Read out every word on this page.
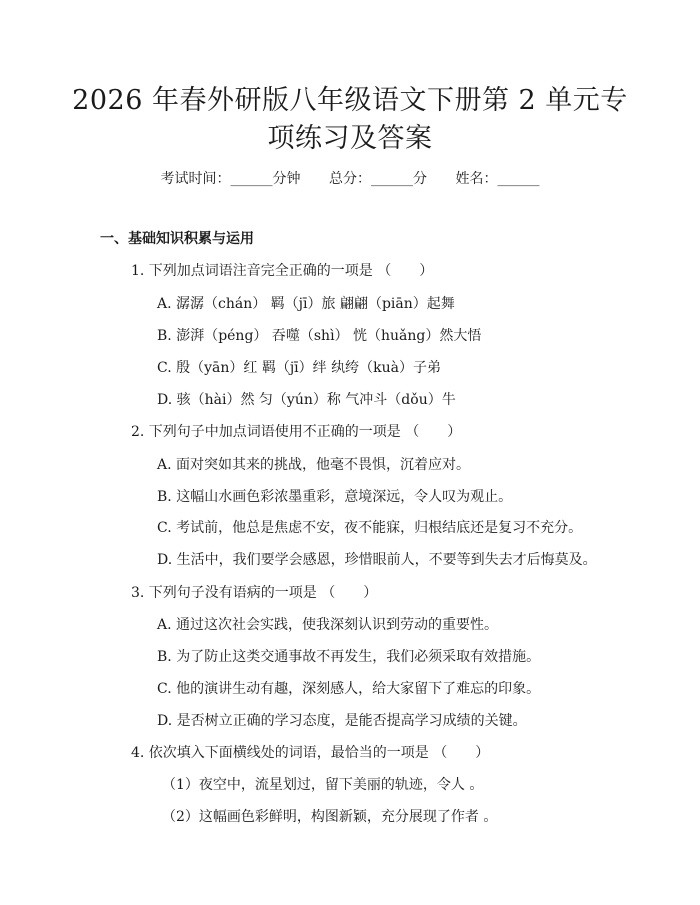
2026 年春外研版八年级语文下册第 2 单元专项练习及答案
考试时间：______分钟 总分：______分 姓名：______
一、基础知识积累与运用
1. 下列加点词语注音完全正确的一项是 （　　）
A. 潺潺（chán） 羁（jī）旅 翩翩（piān）起舞
B. 澎湃（péng） 吞噬（shì） 恍（huǎng）然大悟
C. 殷（yān）红 羁（jī）绊 纨绔（kuà）子弟
D. 骇（hài）然 匀（yún）称 气冲斗（dǒu）牛
2. 下列句子中加点词语使用不正确的一项是 （　　）
A. 面对突如其来的挑战，他毫不畏惧，沉着应对。
B. 这幅山水画色彩浓墨重彩，意境深远，令人叹为观止。
C. 考试前，他总是焦虑不安，夜不能寐，归根结底还是复习不充分。
D. 生活中，我们要学会感恩，珍惜眼前人，不要等到失去才后悔莫及。
3. 下列句子没有语病的一项是 （　　）
A. 通过这次社会实践，使我深刻认识到劳动的重要性。
B. 为了防止这类交通事故不再发生，我们必须采取有效措施。
C. 他的演讲生动有趣，深刻感人，给大家留下了难忘的印象。
D. 是否树立正确的学习态度，是能否提高学习成绩的关键。
4. 依次填入下面横线处的词语，最恰当的一项是 （　　）
（1）夜空中，流星划过，留下美丽的轨迹，令人 。
（2）这幅画色彩鲜明，构图新颖，充分展现了作者 。
